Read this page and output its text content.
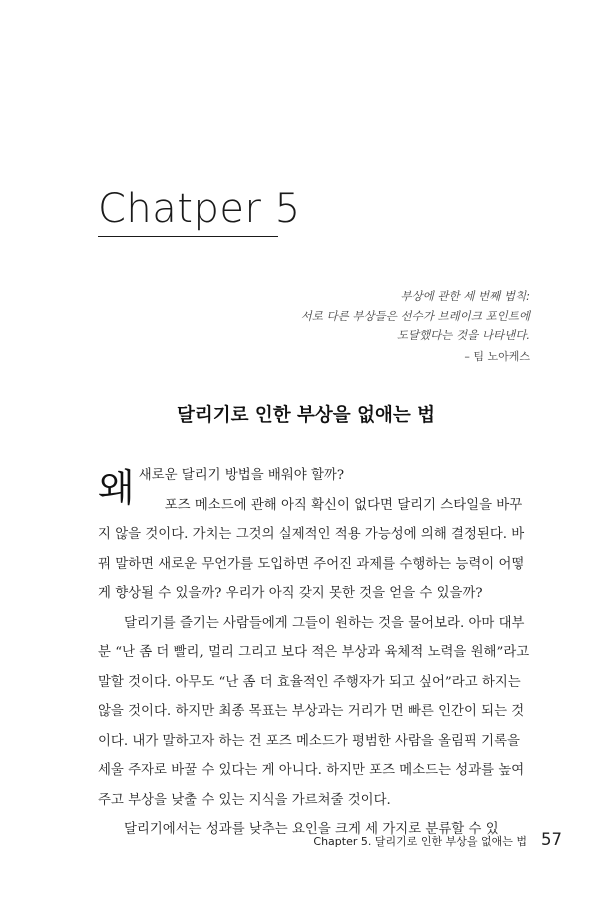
Chatper 5
부상에 관한 세 번째 법칙:
서로 다른 부상들은 선수가 브레이크 포인트에
도달했다는 것을 나타낸다.
– 팀 노아케스
달리기로 인한 부상을 없애는 법

왜 새로운 달리기 방법을 배워야 할까?
포즈 메소드에 관해 아직 확신이 없다면 달리기 스타일을 바꾸지 않을 것이다. 가치는 그것의 실제적인 적용 가능성에 의해 결정된다. 바꿔 말하면 새로운 무언가를 도입하면 주어진 과제를 수행하는 능력이 어떻게 향상될 수 있을까? 우리가 아직 갖지 못한 것을 얻을 수 있을까?

달리기를 즐기는 사람들에게 그들이 원하는 것을 물어보라. 아마 대부분 “난 좀 더 빨리, 멀리 그리고 보다 적은 부상과 육체적 노력을 원해”라고 말할 것이다. 아무도 “난 좀 더 효율적인 주행자가 되고 싶어”라고 하지는 않을 것이다. 하지만 최종 목표는 부상과는 거리가 먼 빠른 인간이 되는 것이다. 내가 말하고자 하는 건 포즈 메소드가 평범한 사람을 올림픽 기록을 세울 주자로 바꿀 수 있다는 게 아니다. 하지만 포즈 메소드는 성과를 높여주고 부상을 낮출 수 있는 지식을 가르쳐줄 것이다.

달리기에서는 성과를 낮추는 요인을 크게 세 가지로 분류할 수 있

Chapter 5. 달리기로 인한 부상을 없애는 법 57
